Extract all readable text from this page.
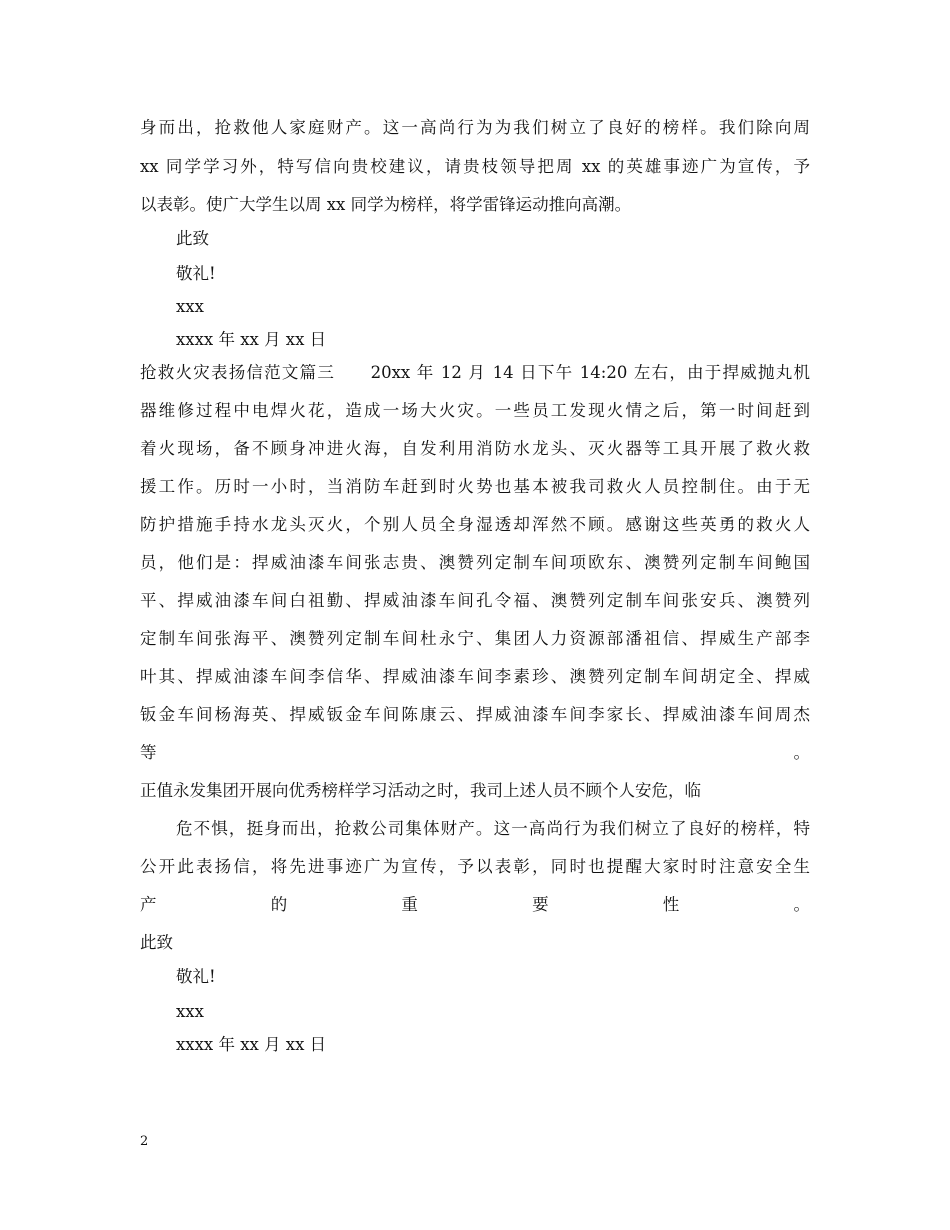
身而出，抢救他人家庭财产。这一高尚行为为我们树立了良好的榜样。我们除向周
xx 同学学习外，特写信向贵校建议，请贵枝领导把周 xx 的英雄事迹广为宣传，予
以表彰。使广大学生以周 xx 同学为榜样，将学雷锋运动推向高潮。
此致
敬礼!
xxx
xxxx 年 xx 月 xx 日
抢救火灾表扬信范文篇三　　20xx 年 12 月 14 日下午 14:20 左右，由于捍威抛丸机
器维修过程中电焊火花，造成一场大火灾。一些员工发现火情之后，第一时间赶到
着火现场，备不顾身冲进火海，自发利用消防水龙头、灭火器等工具开展了救火救
援工作。历时一小时，当消防车赶到时火势也基本被我司救火人员控制住。由于无
防护措施手持水龙头灭火，个别人员全身湿透却浑然不顾。感谢这些英勇的救火人
员，他们是：捍威油漆车间张志贵、澳赞列定制车间项欧东、澳赞列定制车间鲍国
平、捍威油漆车间白祖勤、捍威油漆车间孔令福、澳赞列定制车间张安兵、澳赞列
定制车间张海平、澳赞列定制车间杜永宁、集团人力资源部潘祖信、捍威生产部李
叶其、捍威油漆车间李信华、捍威油漆车间李素珍、澳赞列定制车间胡定全、捍威
钣金车间杨海英、捍威钣金车间陈康云、捍威油漆车间李家长、捍威油漆车间周杰
等。
正值永发集团开展向优秀榜样学习活动之时，我司上述人员不顾个人安危，临
危不惧，挺身而出，抢救公司集体财产。这一高尚行为我们树立了良好的榜样，特
公开此表扬信，将先进事迹广为宣传，予以表彰，同时也提醒大家时时注意安全生
产的重要性。
此致
敬礼!
xxx
xxxx 年 xx 月 xx 日
2
